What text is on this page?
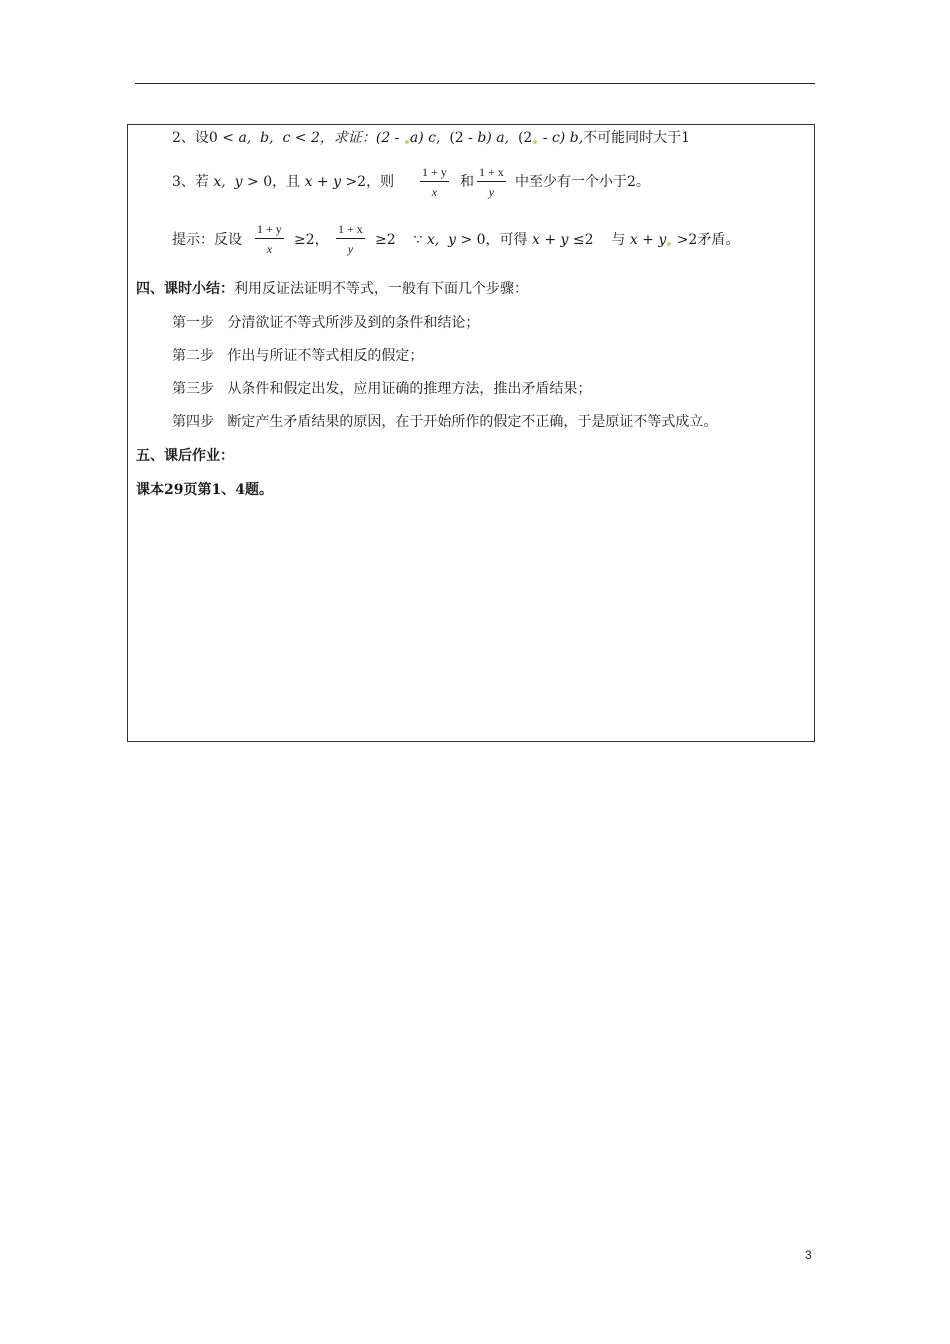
2、设0 < a, b, c < 2，求证：(2 - a) c, (2 - b) a, (2 - c) b,不可能同时大于1
3、若 x, y > 0，且 x + y >2，则 $\frac{1 + y}{x}$ 和 $\frac{1 + x}{y}$ 中至少有一个小于2。
提示：反设 $\frac{1 + y}{x} \ge 2$， $\frac{1 + x}{y} \ge 2$ ∵ x, y > 0，可得 x + y ≤2 与 x + y >2矛盾。
四、课时小结：利用反证法证明不等式，一般有下面几个步骤：
第一步 分清欲证不等式所涉及到的条件和结论；
第二步 作出与所证不等式相反的假定；
第三步 从条件和假定出发，应用证确的推理方法，推出矛盾结果；
第四步 断定产生矛盾结果的原因，在于开始所作的假定不正确，于是原证不等式成立。
五、课后作业：
课本29页第1、4题。
3
